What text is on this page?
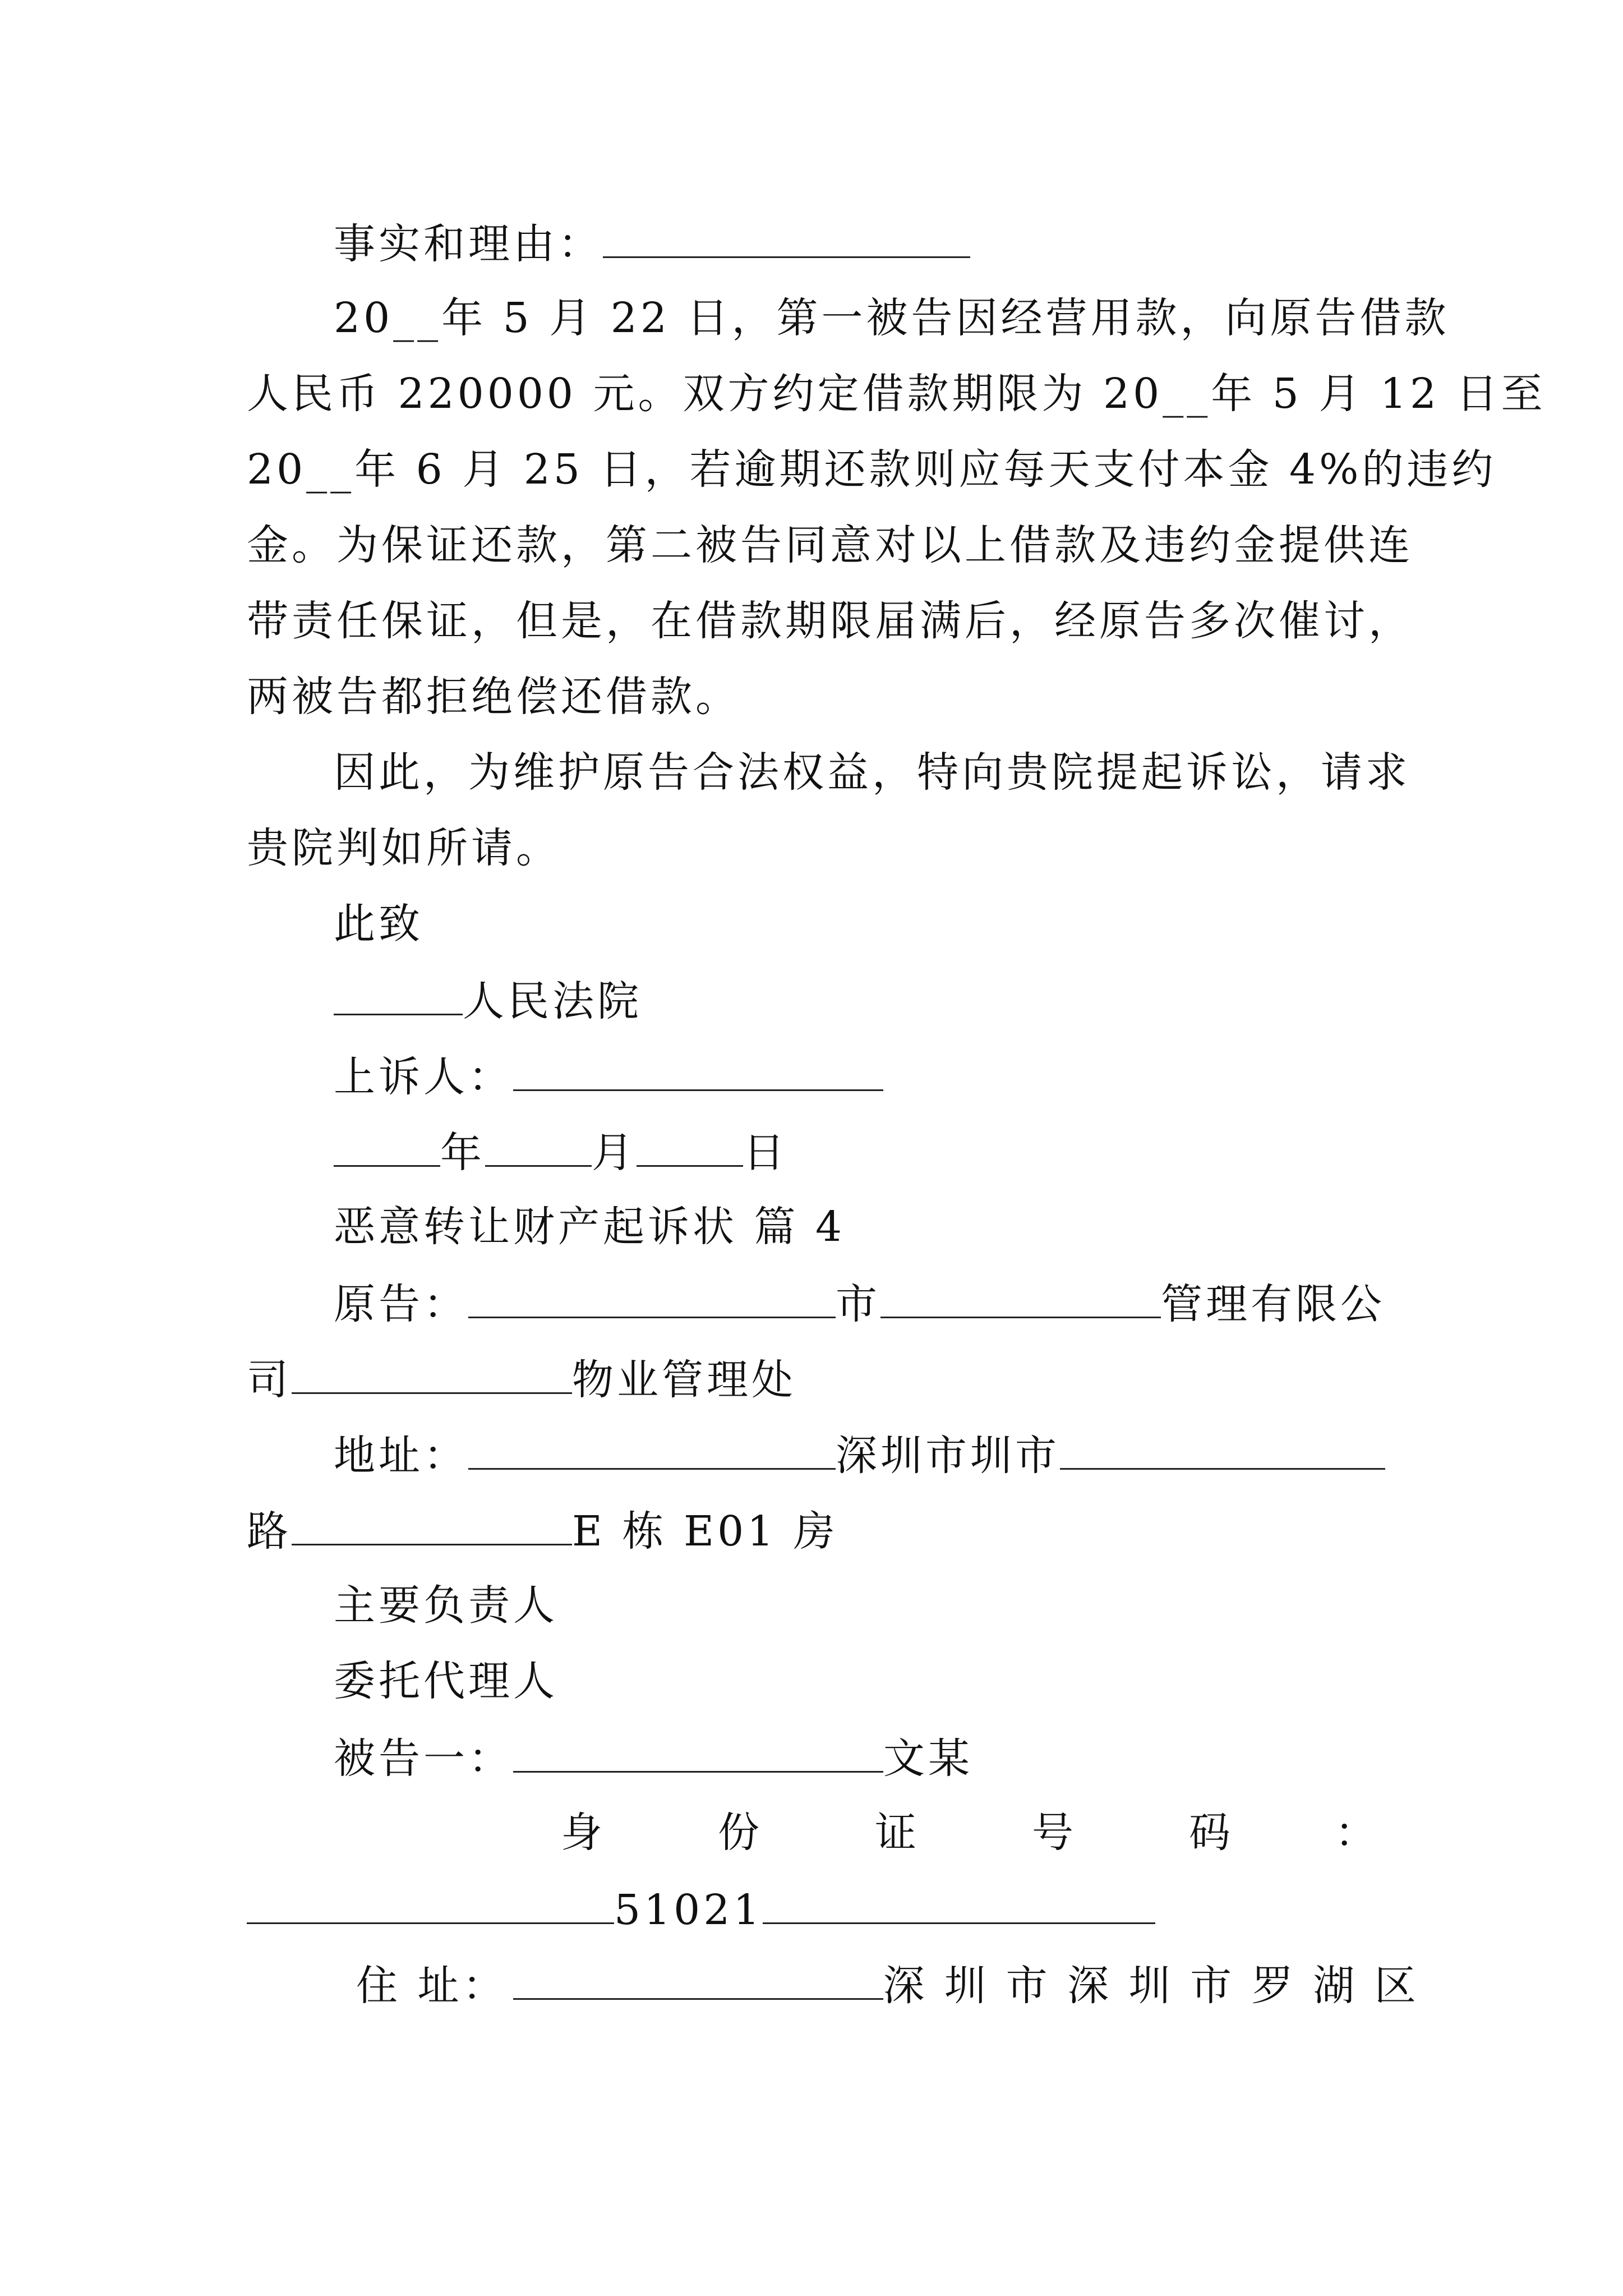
事实和理由：
20__年 5 月 22 日，第一被告因经营用款，向原告借款
人民币 220000 元。双方约定借款期限为 20__年 5 月 12 日至
20__年 6 月 25 日，若逾期还款则应每天支付本金 4%的违约
金。为保证还款，第二被告同意对以上借款及违约金提供连
带责任保证，但是，在借款期限届满后，经原告多次催讨，
两被告都拒绝偿还借款。
因此，为维护原告合法权益，特向贵院提起诉讼，请求
贵院判如所请。
此致
人民法院
上诉人：
年	月	日
恶意转让财产起诉状 篇 4
原告：	市	管理有限公
司	物业管理处
地址：	深圳市圳市
路	E 栋 E01 房
主要负责人
委托代理人
被告一：	文某
身	份	证	号	码	：
51021
住 址：	深 圳 市 深 圳 市 罗 湖 区
